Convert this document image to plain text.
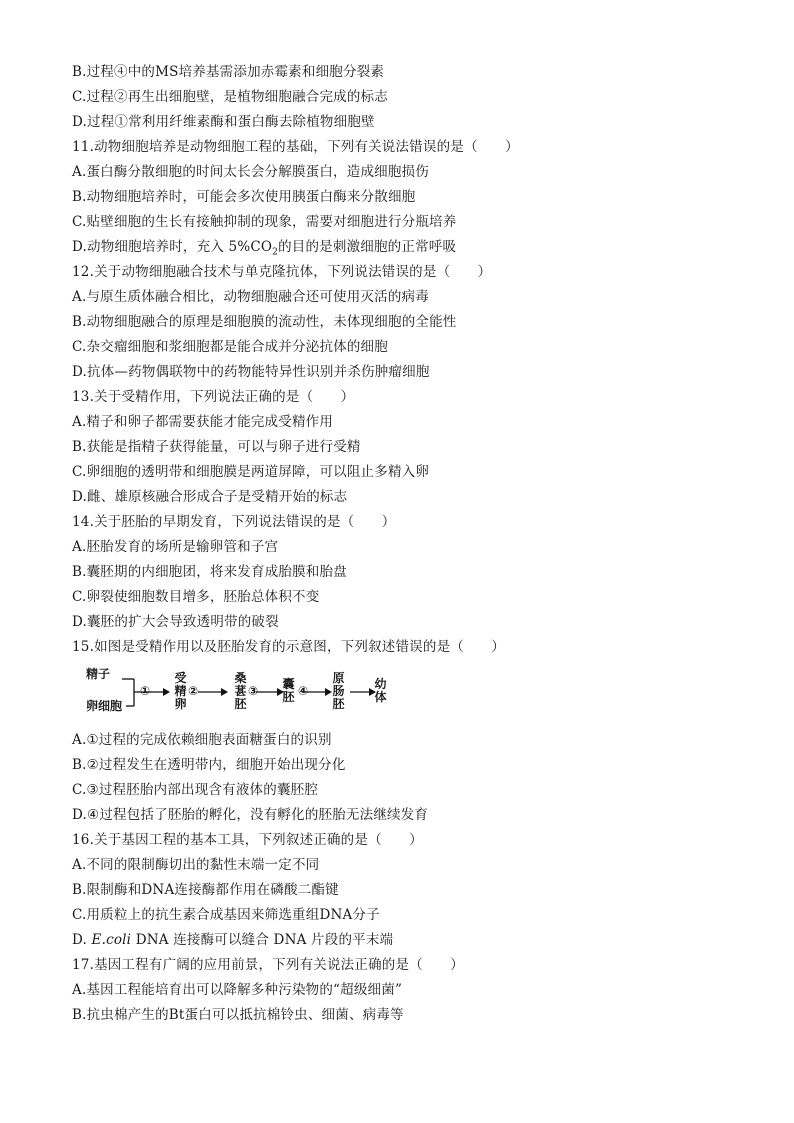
B.过程④中的MS培养基需添加赤霉素和细胞分裂素
C.过程②再生出细胞壁，是植物细胞融合完成的标志
D.过程①常利用纤维素酶和蛋白酶去除植物细胞壁
11.动物细胞培养是动物细胞工程的基础，下列有关说法错误的是（　　）
A.蛋白酶分散细胞的时间太长会分解膜蛋白，造成细胞损伤
B.动物细胞培养时，可能会多次使用胰蛋白酶来分散细胞
C.贴壁细胞的生长有接触抑制的现象，需要对细胞进行分瓶培养
D.动物细胞培养时，充入 $5\%CO_2$的目的是刺激细胞的正常呼吸
12.关于动物细胞融合技术与单克隆抗体，下列说法错误的是（　　）
A.与原生质体融合相比，动物细胞融合还可使用灭活的病毒
B.动物细胞融合的原理是细胞膜的流动性，未体现细胞的全能性
C.杂交瘤细胞和浆细胞都是能合成并分泌抗体的细胞
D.抗体—药物偶联物中的药物能特异性识别并杀伤肿瘤细胞
13.关于受精作用，下列说法正确的是（　　）
A.精子和卵子都需要获能才能完成受精作用
B.获能是指精子获得能量，可以与卵子进行受精
C.卵细胞的透明带和细胞膜是两道屏障，可以阻止多精入卵
D.雌、雄原核融合形成合子是受精开始的标志
14.关于胚胎的早期发育，下列说法错误的是（　　）
A.胚胎发育的场所是输卵管和子宫
B.囊胚期的内细胞团，将来发育成胎膜和胎盘
C.卵裂使细胞数目增多，胚胎总体积不变
D.囊胚的扩大会导致透明带的破裂
15.如图是受精作用以及胚胎发育的示意图，下列叙述错误的是（　　）
精子
卵细胞
①
受精卵
②
桑葚胚
③ 囊胚 ④
原肠胚
幼体
A.①过程的完成依赖细胞表面糖蛋白的识别
B.②过程发生在透明带内，细胞开始出现分化
C.③过程胚胎内部出现含有液体的囊胚腔
D.④过程包括了胚胎的孵化，没有孵化的胚胎无法继续发育
16.关于基因工程的基本工具，下列叙述正确的是（　　）
A.不同的限制酶切出的黏性末端一定不同
B.限制酶和DNA连接酶都作用在磷酸二酯键
C.用质粒上的抗生素合成基因来筛选重组DNA分子
D. E.coli DNA 连接酶可以缝合 DNA 片段的平末端
17.基因工程有广阔的应用前景，下列有关说法正确的是（　　）
A.基因工程能培育出可以降解多种污染物的“超级细菌”
B.抗虫棉产生的Bt蛋白可以抵抗棉铃虫、细菌、病毒等
